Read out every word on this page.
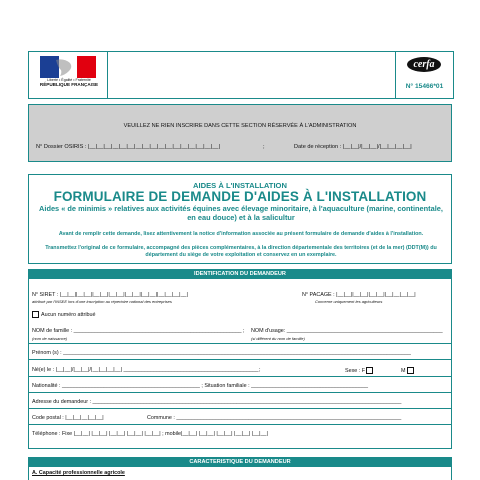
Liberté • Égalité • Fraternité
RÉPUBLIQUE FRANÇAISE
cerfa
N° 15466*01
VEUILLEZ NE RIEN INSCRIRE DANS CETTE SECTION RÉSERVÉE À L'ADMINISTRATION
N° Dossier OSIRIS : |__|__|__|__|__|__|__|__|__|__|__|__|__|__|__|__|__|	;	Date de réception : |__|__|/|__|__|/|__|__|__|__|
AIDES À L'INSTALLATION
FORMULAIRE DE DEMANDE D'AIDES À L'INSTALLATION
Aides « de minimis » relatives aux activités équines avec élevage minoritaire, à l'aquaculture (marine, continentale, en eau douce) et à la salicultur
Avant de remplir cette demande, lisez attentivement la notice d'information associée au présent formulaire de demande d'aides à l'installation.
Transmettez l'original de ce formulaire, accompagné des pièces complémentaires, à la direction départementale des territoires (et de la mer) (DDT(M)) du département du siège de votre exploitation et conservez en un exemplaire.
IDENTIFICATION DU DEMANDEUR
N° SIRET : |__|__||__|__||__|__||__|__||__|__||__|__||__|__|__|__|
attribué par l'INSEE lors d'une inscription au répertoire national des entreprises
N° PACAGE : |__|__||__|__||__|__||__|__|__|__|
Concerne uniquement les agriculteurs
Aucun numéro attribué
NOM de famille : ________________________________________________________ ;
(nom de naissance)
NOM d'usage: ____________________________________________________
(si différent du nom de famille)
Prénom (s) : ____________________________________________________________________________________________________________________
Né(e) le : |__|__|/|__|__|/|__|__|__|__| _____________________________________________ ;	Sexe : F	M
Nationalité : ______________________________________________ ; Situation familiale : _______________________________________
Adresse du demandeur : _______________________________________________________________________________________________________
Code postal : |__|__|__|__|__|	Commune : ___________________________________________________________________________
Téléphone : Fixe |__|__| |__|__| |__|__| |__|__| |__|__| ; mobile|__|__| |__|__| |__|__| |__|__| |__|__|
CARACTERISTIQUE DU DEMANDEUR
A. Capacité professionnelle agricole
